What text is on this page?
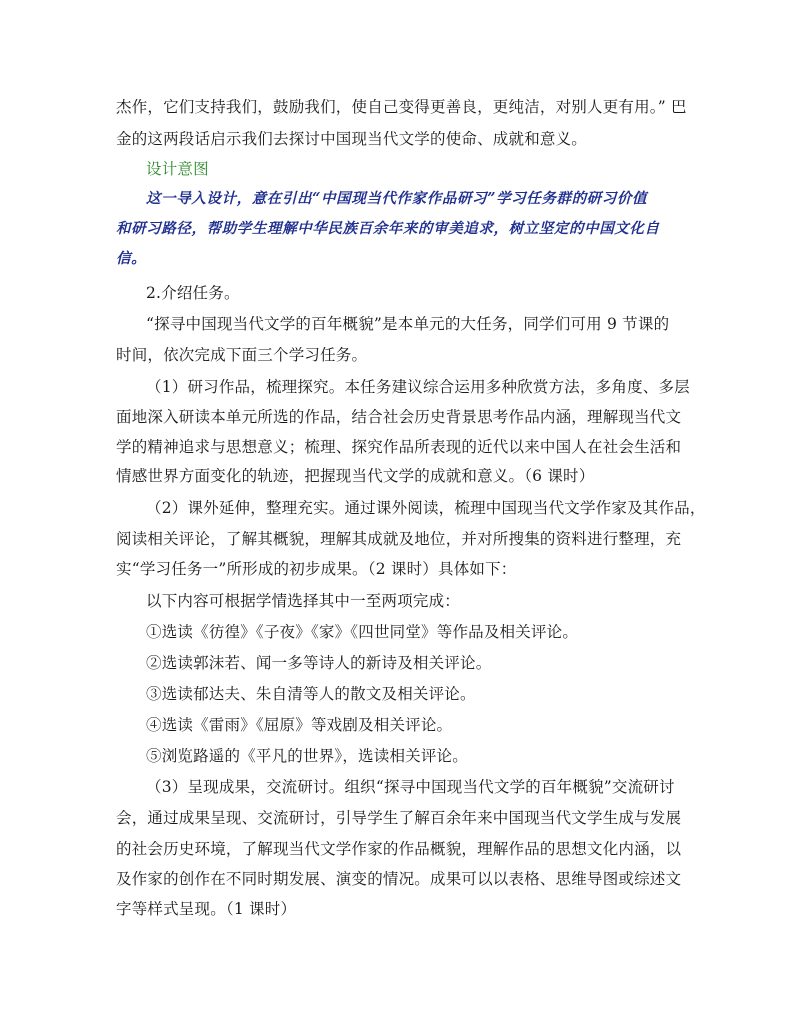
杰作，它们支持我们，鼓励我们，使自己变得更善良，更纯洁，对别人更有用。” 巴
金的这两段话启示我们去探讨中国现当代文学的使命、成就和意义。
设计意图
这一导入设计，意在引出“中国现当代作家作品研习”学习任务群的研习价值
和研习路径，帮助学生理解中华民族百余年来的审美追求，树立坚定的中国文化自
信。
2.介绍任务。
“探寻中国现当代文学的百年概貌”是本单元的大任务，同学们可用 9 节课的
时间，依次完成下面三个学习任务。
（1）研习作品，梳理探究。本任务建议综合运用多种欣赏方法，多角度、多层
面地深入研读本单元所选的作品，结合社会历史背景思考作品内涵，理解现当代文
学的精神追求与思想意义；梳理、探究作品所表现的近代以来中国人在社会生活和
情感世界方面变化的轨迹，把握现当代文学的成就和意义。（6 课时）
（2）课外延伸，整理充实。通过课外阅读，梳理中国现当代文学作家及其作品，
阅读相关评论，了解其概貌，理解其成就及地位，并对所搜集的资料进行整理，充
实“学习任务一”所形成的初步成果。（2 课时）具体如下：
以下内容可根据学情选择其中一至两项完成：
①选读《彷徨》《子夜》《家》《四世同堂》等作品及相关评论。
②选读郭沫若、闻一多等诗人的新诗及相关评论。
③选读郁达夫、朱自清等人的散文及相关评论。
④选读《雷雨》《屈原》等戏剧及相关评论。
⑤浏览路遥的《平凡的世界》，选读相关评论。
（3）呈现成果，交流研讨。组织“探寻中国现当代文学的百年概貌”交流研讨
会，通过成果呈现、交流研讨，引导学生了解百余年来中国现当代文学生成与发展
的社会历史环境，了解现当代文学作家的作品概貌，理解作品的思想文化内涵，以
及作家的创作在不同时期发展、演变的情况。成果可以以表格、思维导图或综述文
字等样式呈现。（1 课时）
